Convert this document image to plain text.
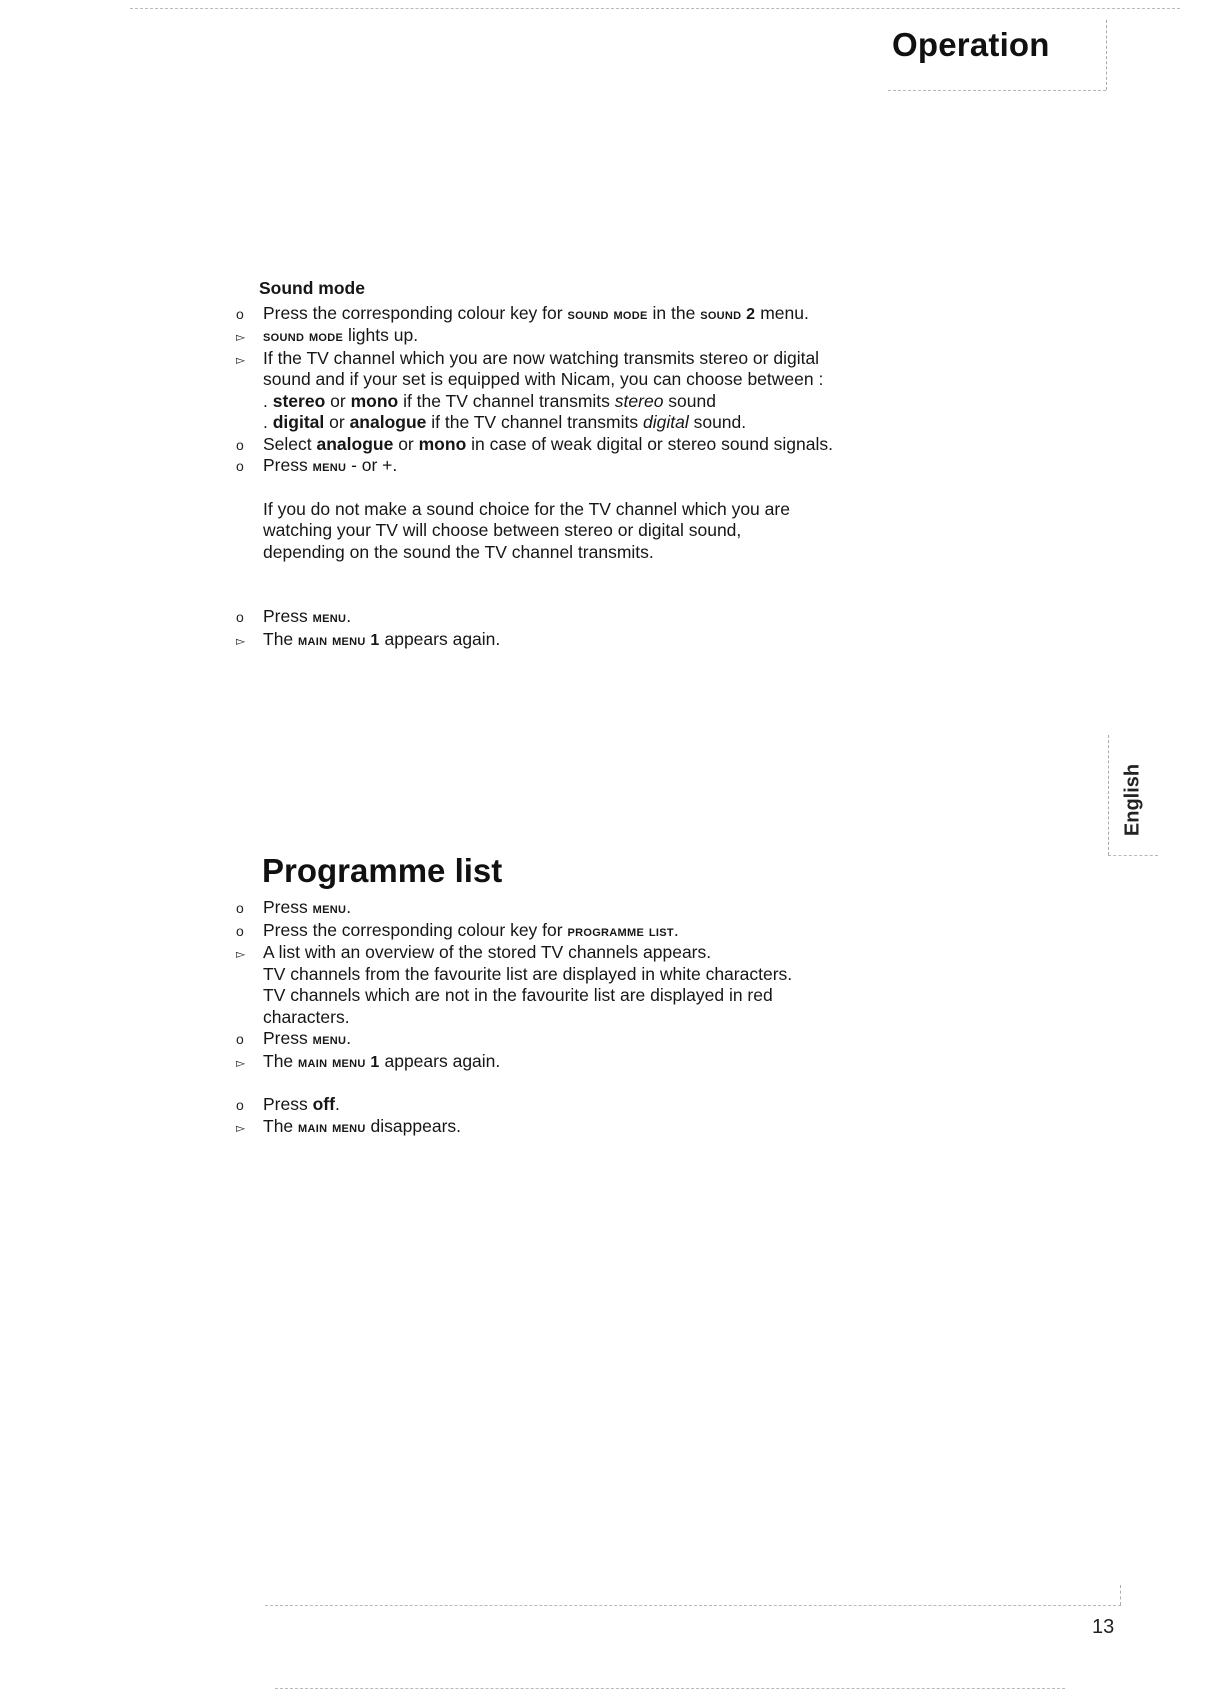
Operation
Sound mode
o	Press the corresponding colour key for sound mode in the sound 2 menu.
▻	sound mode lights up.
▻	If the TV channel which you are now watching transmits stereo or digital
sound and if your set is equipped with Nicam, you can choose between :
. stereo or mono if the TV channel transmits stereo sound
. digital or analogue if the TV channel transmits digital sound.
o	Select analogue or mono in case of weak digital or stereo sound signals.
o	Press menu - or +.
If you do not make a sound choice for the TV channel which you are
watching your TV will choose between stereo or digital sound,
depending on the sound the TV channel transmits.
o	Press menu.
▻	The main menu 1 appears again.
English
Programme list
o	Press menu.
o	Press the corresponding colour key for programme list.
▻	A list with an overview of the stored TV channels appears.
TV channels from the favourite list are displayed in white characters.
TV channels which are not in the favourite list are displayed in red
characters.
o	Press menu.
▻	The main menu 1 appears again.
o	Press off.
▻	The main menu disappears.
13
